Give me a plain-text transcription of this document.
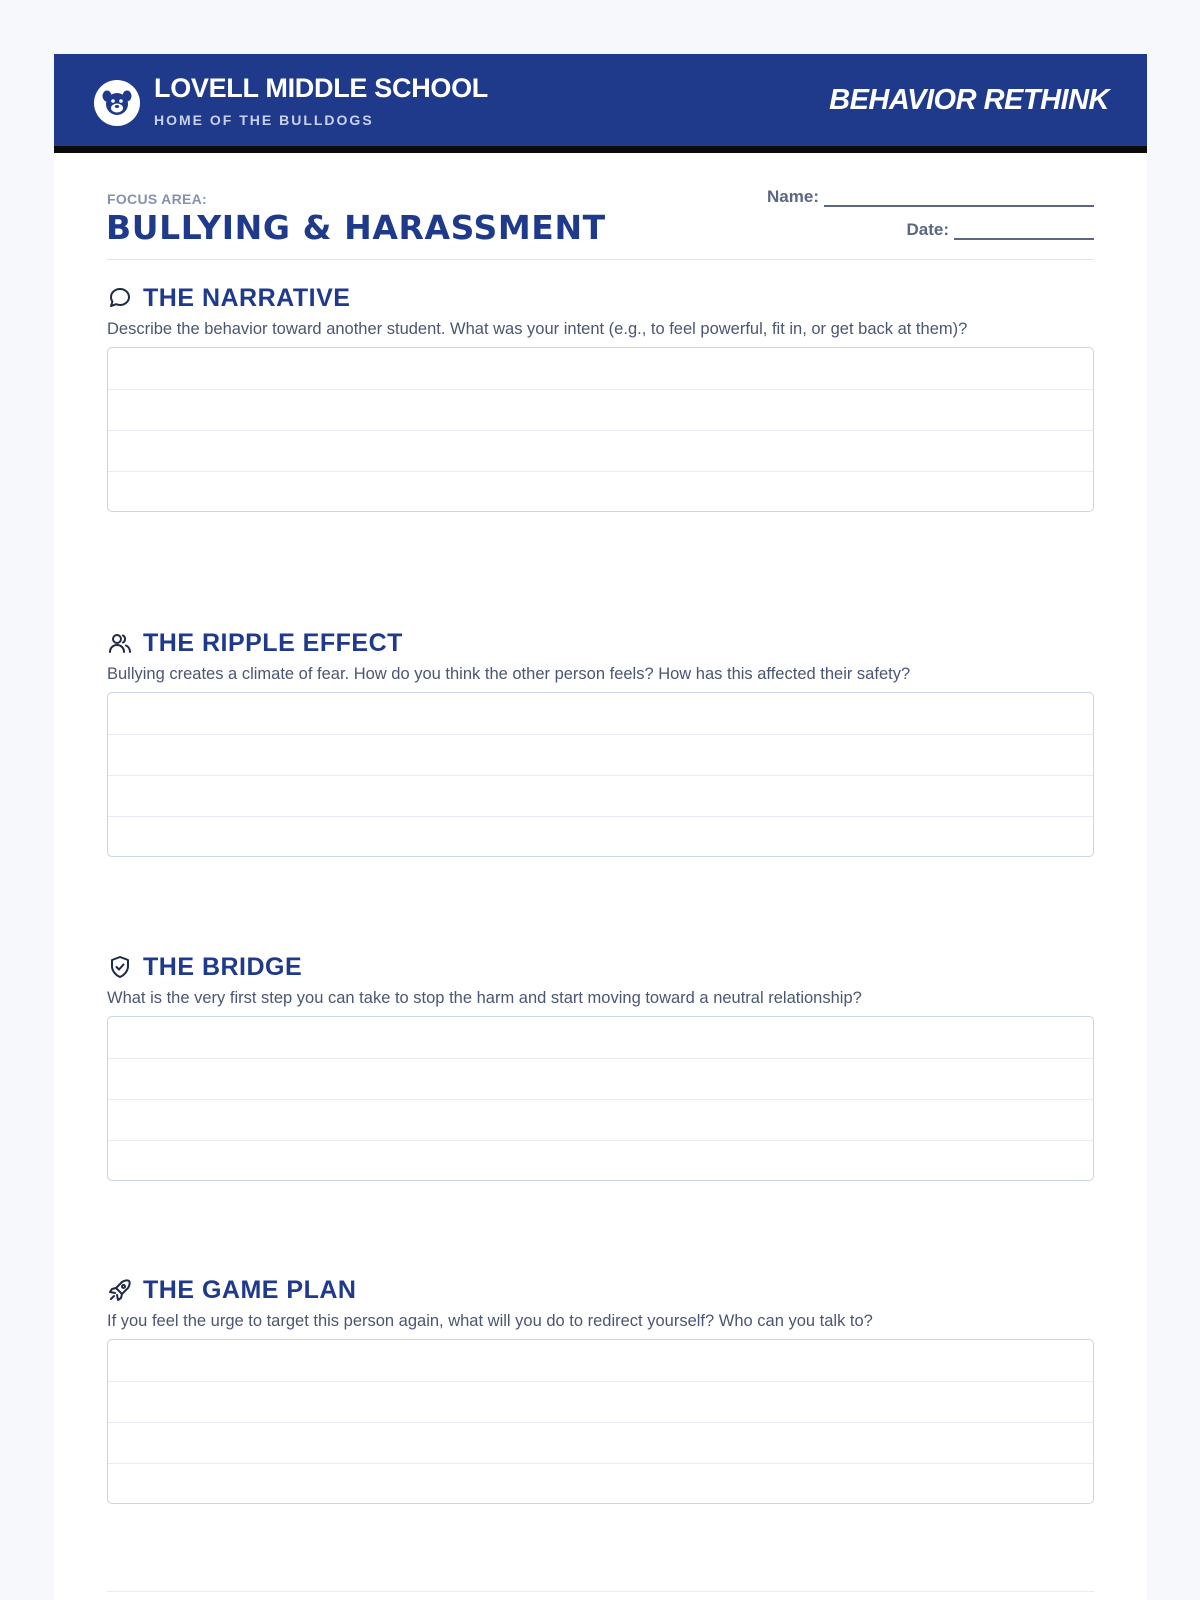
LOVELL MIDDLE SCHOOL
HOME OF THE BULLDOGS
BEHAVIOR RETHINK
FOCUS AREA:
BULLYING & HARASSMENT
Name:
Date:
THE NARRATIVE
Describe the behavior toward another student. What was your intent (e.g., to feel powerful, fit in, or get back at them)?
THE RIPPLE EFFECT
Bullying creates a climate of fear. How do you think the other person feels? How has this affected their safety?
THE BRIDGE
What is the very first step you can take to stop the harm and start moving toward a neutral relationship?
THE GAME PLAN
If you feel the urge to target this person again, what will you do to redirect yourself? Who can you talk to?
